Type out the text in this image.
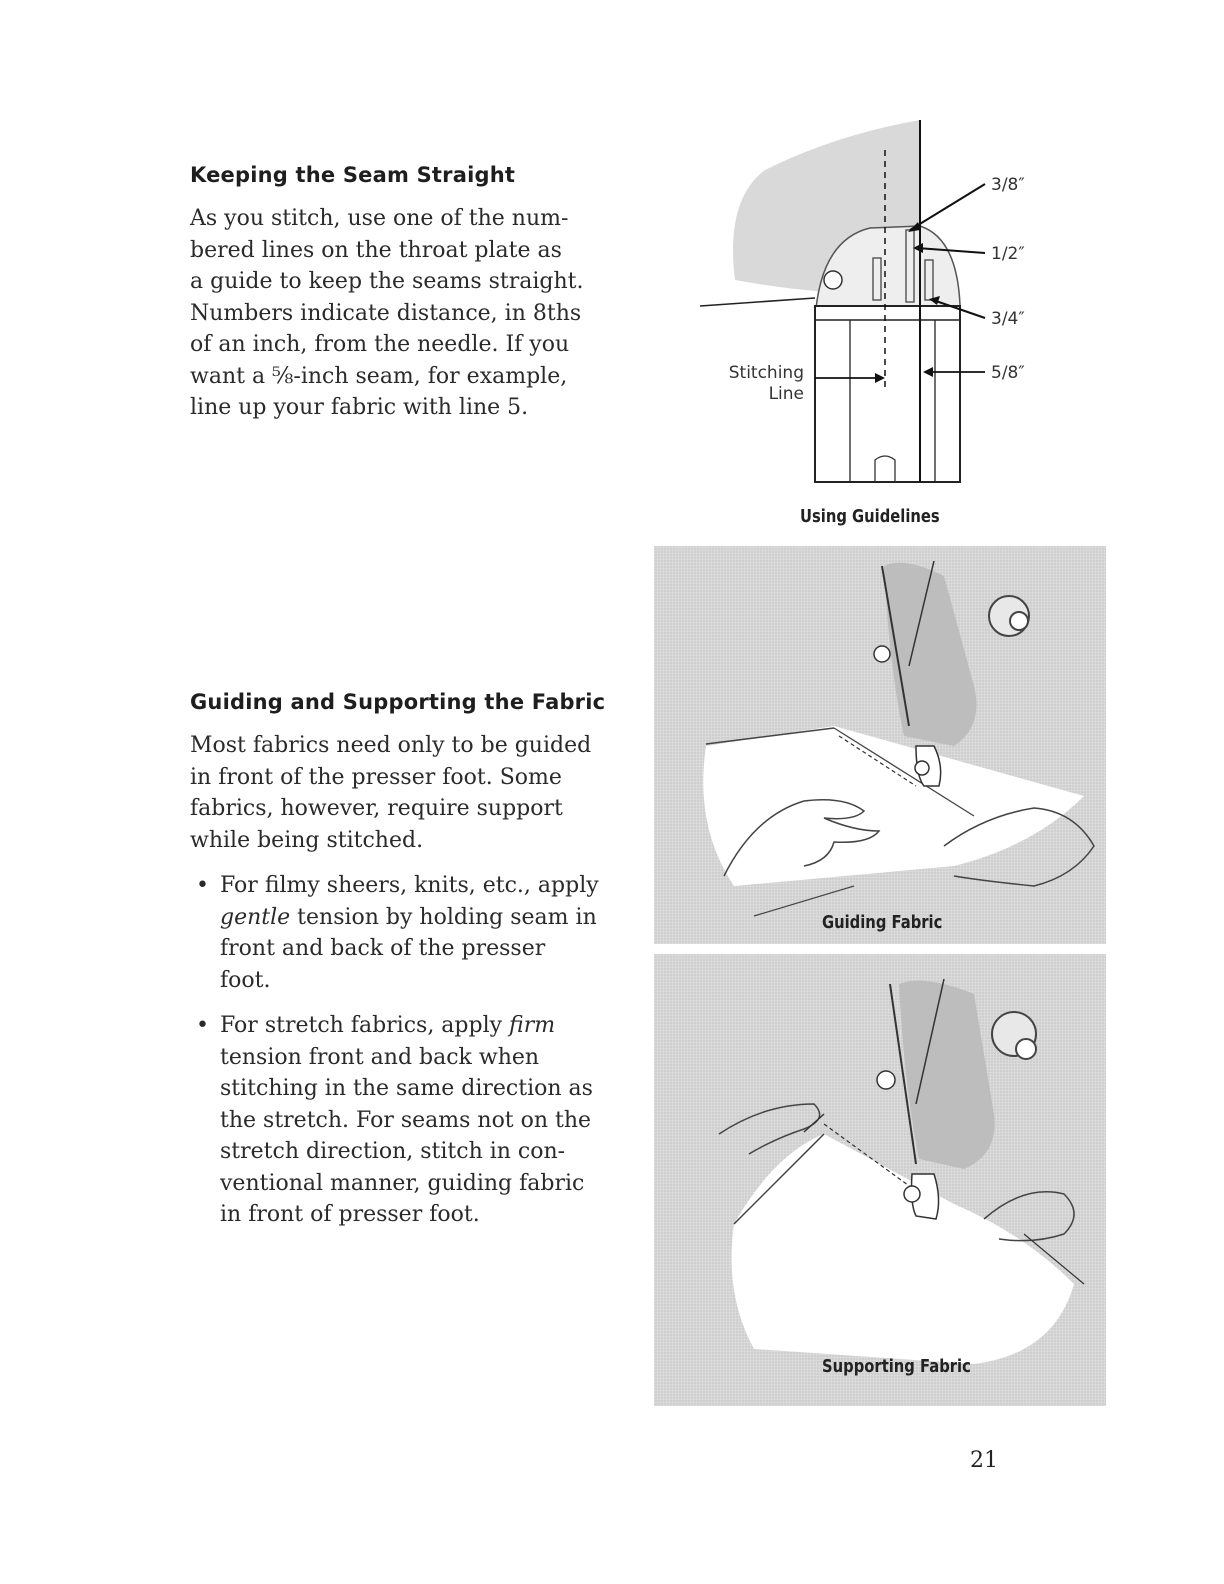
Keeping the Seam Straight

As you stitch, use one of the num-
bered lines on the throat plate as
a guide to keep the seams straight.
Numbers indicate distance, in 8ths
of an inch, from the needle. If you
want a ⅝-inch seam, for example,
line up your fabric with line 5.

3/8″
1/2″
3/4″
5/8″
Stitching
Line

Using Guidelines

Guiding and Supporting the Fabric

Most fabrics need only to be guided
in front of the presser foot. Some
fabrics, however, require support
while being stitched.

• For filmy sheers, knits, etc., apply
gentle tension by holding seam in
front and back of the presser
foot.

• For stretch fabrics, apply firm
tension front and back when
stitching in the same direction as
the stretch. For seams not on the
stretch direction, stitch in con-
ventional manner, guiding fabric
in front of presser foot.

Guiding Fabric

Supporting Fabric

21
